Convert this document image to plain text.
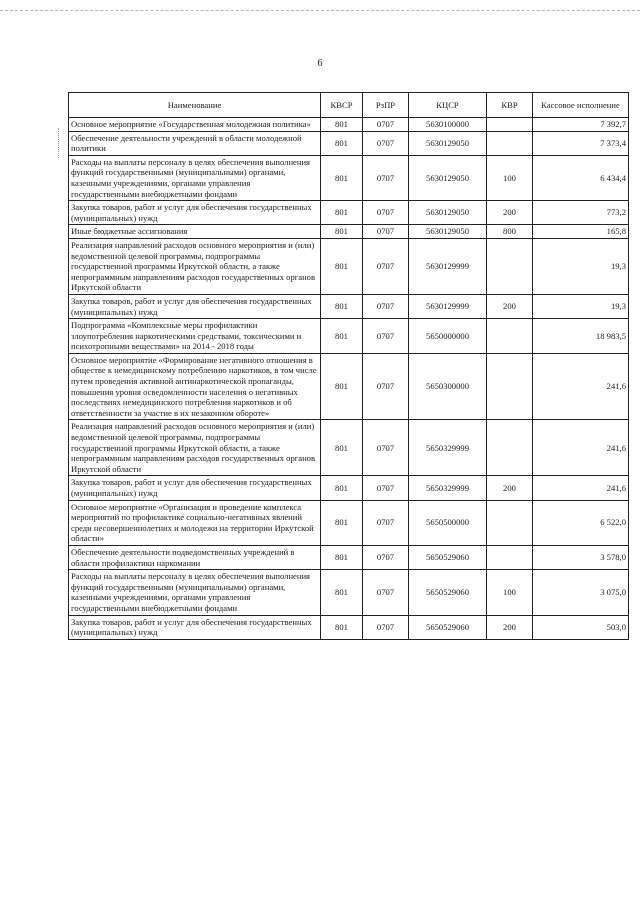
6
Наименование	КВСР	РзПР	КЦСР	КВР	Кассовое исполнение
Основное мероприятие «Государственная молодежная политика»	801	0707	5630100000		7 392,7
Обеспечение деятельности учреждений в области молодежной политики	801	0707	5630129050		7 373,4
Расходы на выплаты персоналу в целях обеспечения выполнения функций государственными (муниципальными) органами, казенными учреждениями, органами управления государственными внебюджетными фондами	801	0707	5630129050	100	6 434,4
Закупка товаров, работ и услуг для обеспечения государственных (муниципальных) нужд	801	0707	5630129050	200	773,2
Иные бюджетные ассигнования	801	0707	5630129050	800	165,8
Реализация направлений расходов основного мероприятия и (или) ведомственной целевой программы, подпрограммы государственной программы Иркутской области, а также непрограммным направлениям расходов государственных органов Иркутской области	801	0707	5630129999		19,3
Закупка товаров, работ и услуг для обеспечения государственных (муниципальных) нужд	801	0707	5630129999	200	19,3
Подпрограмма «Комплексные меры профилактики злоупотребления наркотическими средствами, токсическими и психотропными веществами» на 2014 - 2018 годы	801	0707	5650000000		18 983,5
Основное мероприятие «Формирование негативного отношения в обществе к немедицинскому потреблению наркотиков, в том числе путем проведения активной антинаркотической пропаганды, повышения уровня осведомленности населения о негативных последствиях немедицинского потребления наркотиков и об ответственности за участие в их незаконном обороте»	801	0707	5650300000		241,6
Реализация направлений расходов основного мероприятия и (или) ведомственной целевой программы, подпрограммы государственной программы Иркутской области, а также непрограммным направлениям расходов государственных органов Иркутской области	801	0707	5650329999		241,6
Закупка товаров, работ и услуг для обеспечения государственных (муниципальных) нужд	801	0707	5650329999	200	241,6
Основное мероприятие «Организация и проведение комплекса мероприятий по профилактике социально-негативных явлений среди несовершеннолетних и молодежи на территории Иркутской области»	801	0707	5650500000		6 522,0
Обеспечение деятельности подведомственных учреждений в области профилактики наркомании	801	0707	5650529060		3 578,0
Расходы на выплаты персоналу в целях обеспечения выполнения функций государственными (муниципальными) органами, казенными учреждениями, органами управления государственными внебюджетными фондами	801	0707	5650529060	100	3 075,0
Закупка товаров, работ и услуг для обеспечения государственных (муниципальных) нужд	801	0707	5650529060	200	503,0
